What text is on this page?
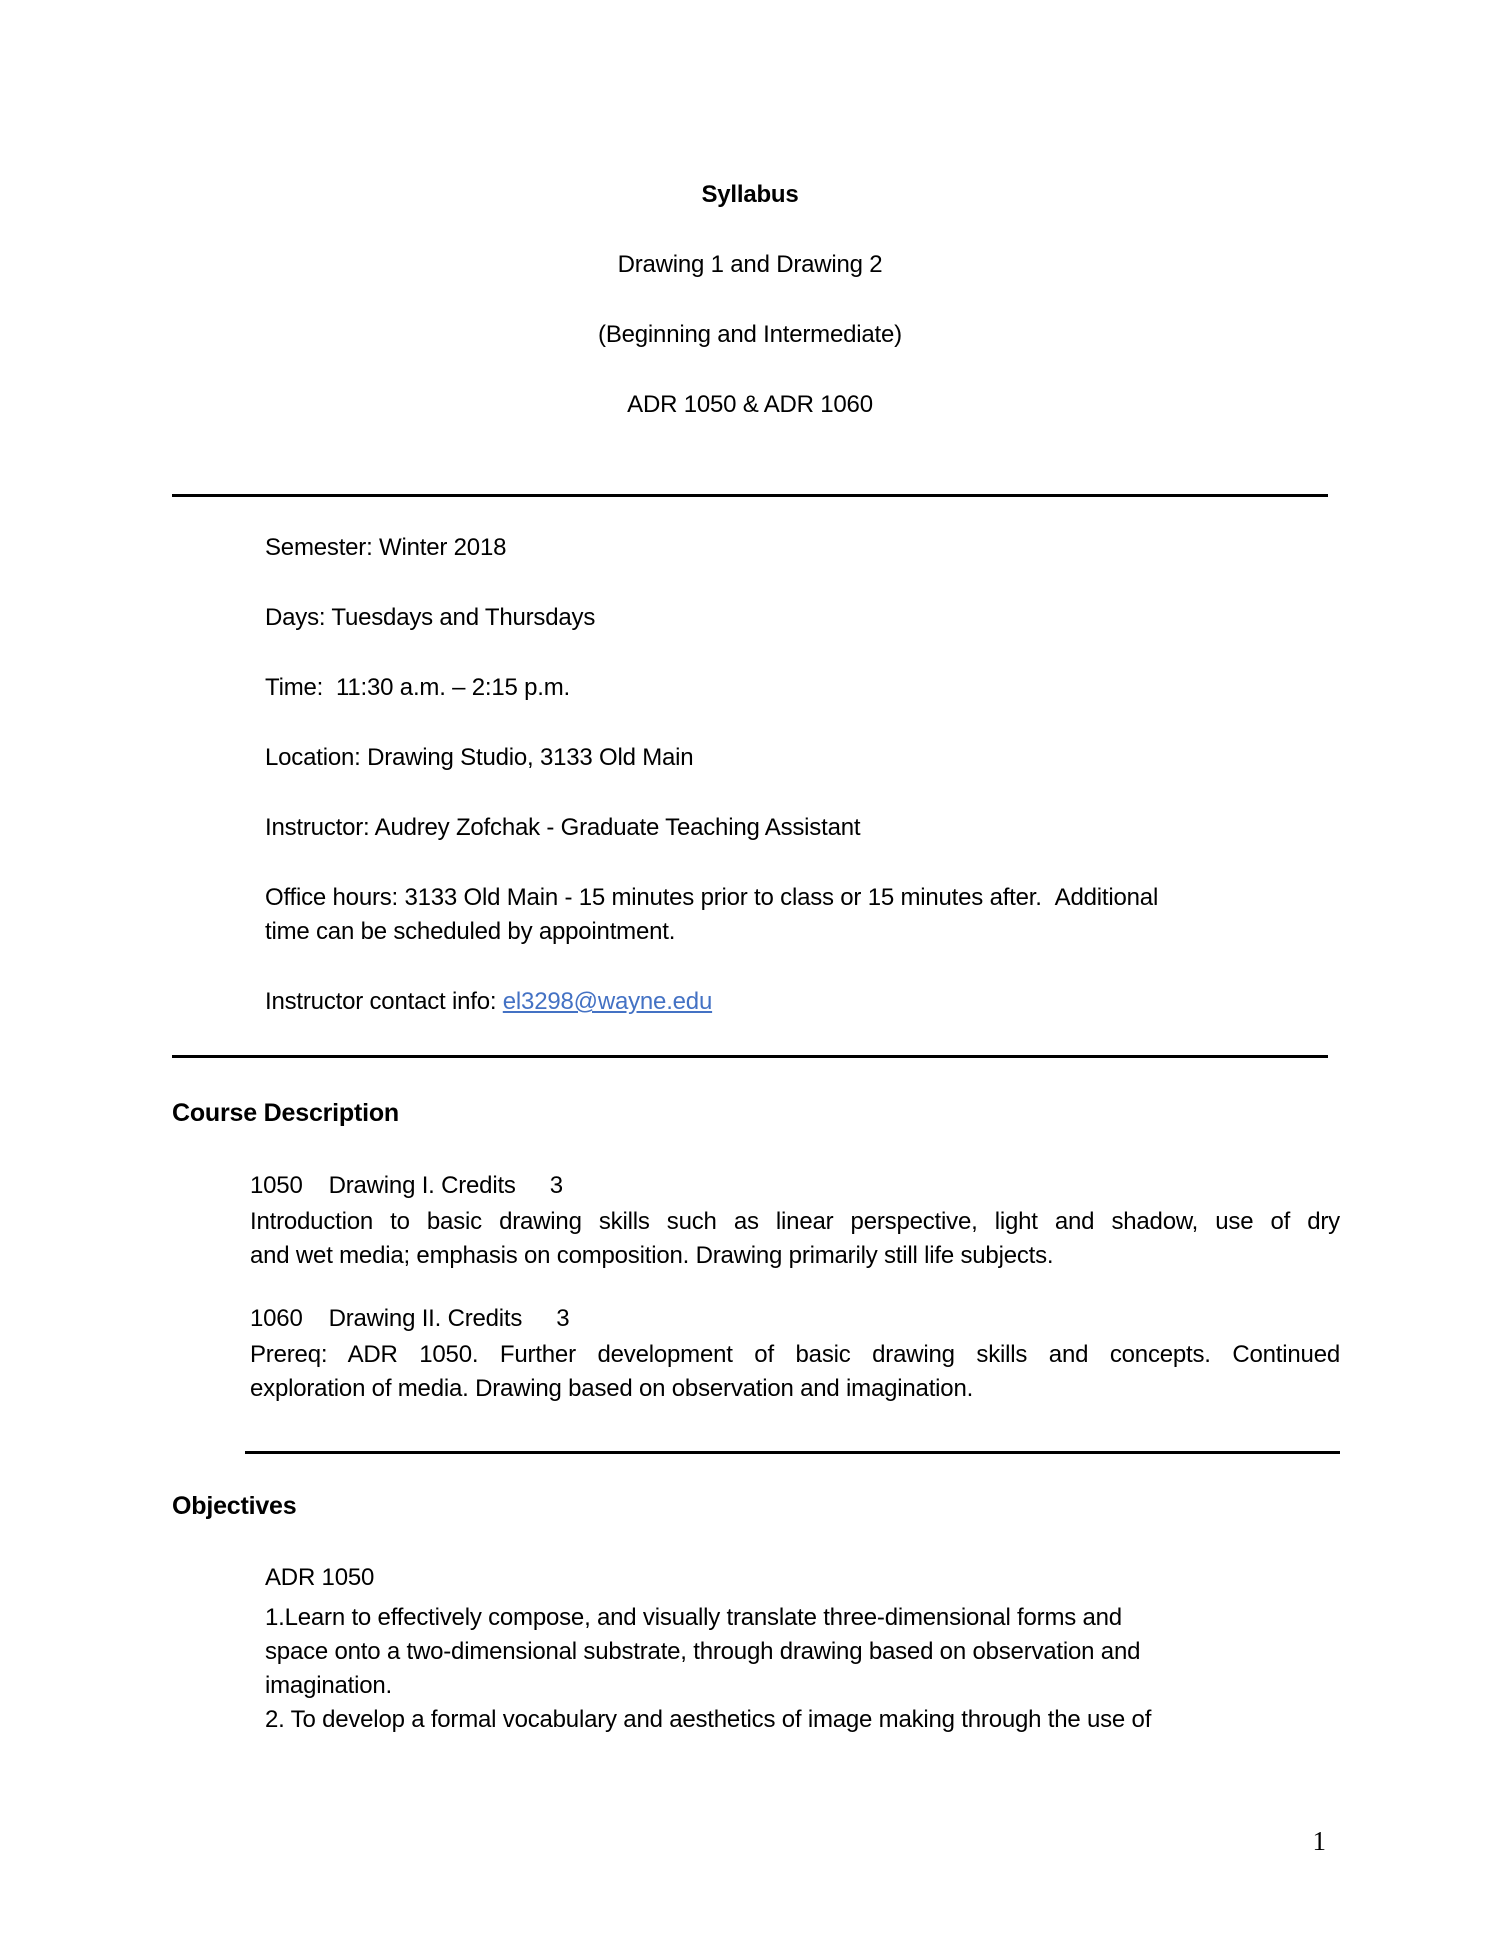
Syllabus

Drawing 1 and Drawing 2

(Beginning and Intermediate)

ADR 1050 & ADR 1060

Semester: Winter 2018

Days: Tuesdays and Thursdays

Time:  11:30 a.m. – 2:15 p.m.

Location: Drawing Studio, 3133 Old Main

Instructor: Audrey Zofchak - Graduate Teaching Assistant

Office hours: 3133 Old Main - 15 minutes prior to class or 15 minutes after.  Additional
time can be scheduled by appointment.

Instructor contact info: el3298@wayne.edu

Course Description

1050 Drawing I. Credits 3

Introduction to basic drawing skills such as linear perspective, light and shadow, use of dry
and wet media; emphasis on composition. Drawing primarily still life subjects.

1060 Drawing II. Credits 3

Prereq: ADR 1050. Further development of basic drawing skills and concepts. Continued
exploration of media. Drawing based on observation and imagination.
Objectives

ADR 1050

1.Learn to effectively compose, and visually translate three-dimensional forms and
space onto a two-dimensional substrate, through drawing based on observation and
imagination.
2. To develop a formal vocabulary and aesthetics of image making through the use of
1
